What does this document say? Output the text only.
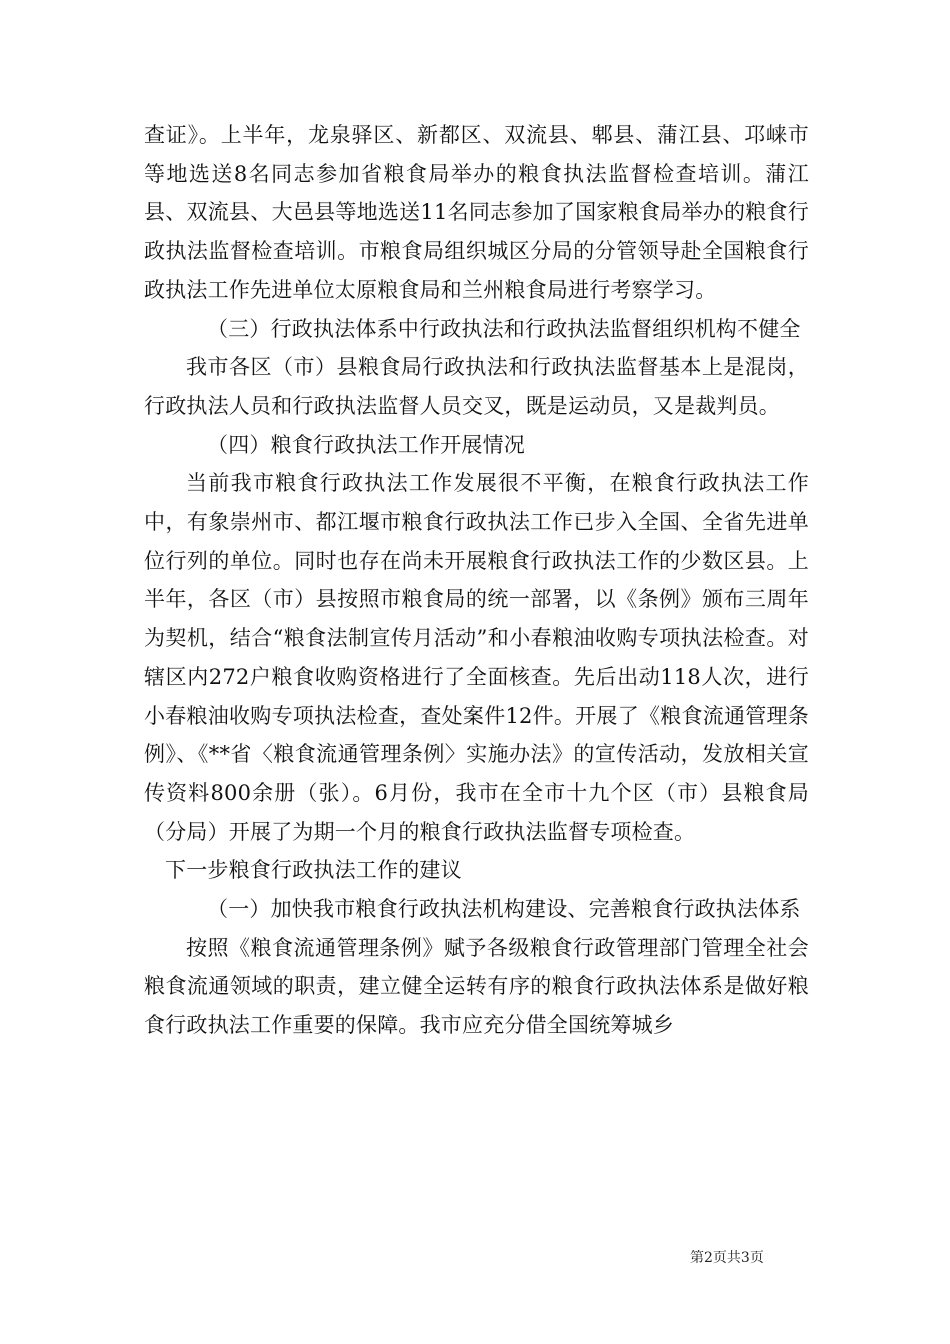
查证》。上半年，龙泉驿区、新都区、双流县、郫县、蒲江县、邛崃市等地选送8名同志参加省粮食局举办的粮食执法监督检查培训。蒲江县、双流县、大邑县等地选送11名同志参加了国家粮食局举办的粮食行政执法监督检查培训。市粮食局组织城区分局的分管领导赴全国粮食行政执法工作先进单位太原粮食局和兰州粮食局进行考察学习。

（三）行政执法体系中行政执法和行政执法监督组织机构不健全

我市各区（市）县粮食局行政执法和行政执法监督基本上是混岗，行政执法人员和行政执法监督人员交叉，既是运动员，又是裁判员。

（四）粮食行政执法工作开展情况

当前我市粮食行政执法工作发展很不平衡，在粮食行政执法工作中，有象崇州市、都江堰市粮食行政执法工作已步入全国、全省先进单位行列的单位。同时也存在尚未开展粮食行政执法工作的少数区县。上半年，各区（市）县按照市粮食局的统一部署，以《条例》颁布三周年为契机，结合“粮食法制宣传月活动”和小春粮油收购专项执法检查。对辖区内272户粮食收购资格进行了全面核查。先后出动118人次，进行小春粮油收购专项执法检查，查处案件12件。开展了《粮食流通管理条例》、《**省〈粮食流通管理条例〉实施办法》的宣传活动，发放相关宣传资料800余册（张）。6月份，我市在全市十九个区（市）县粮食局（分局）开展了为期一个月的粮食行政执法监督专项检查。

下一步粮食行政执法工作的建议

（一）加快我市粮食行政执法机构建设、完善粮食行政执法体系

按照《粮食流通管理条例》赋予各级粮食行政管理部门管理全社会粮食流通领域的职责，建立健全运转有序的粮食行政执法体系是做好粮食行政执法工作重要的保障。我市应充分借全国统筹城乡

第2页共3页
